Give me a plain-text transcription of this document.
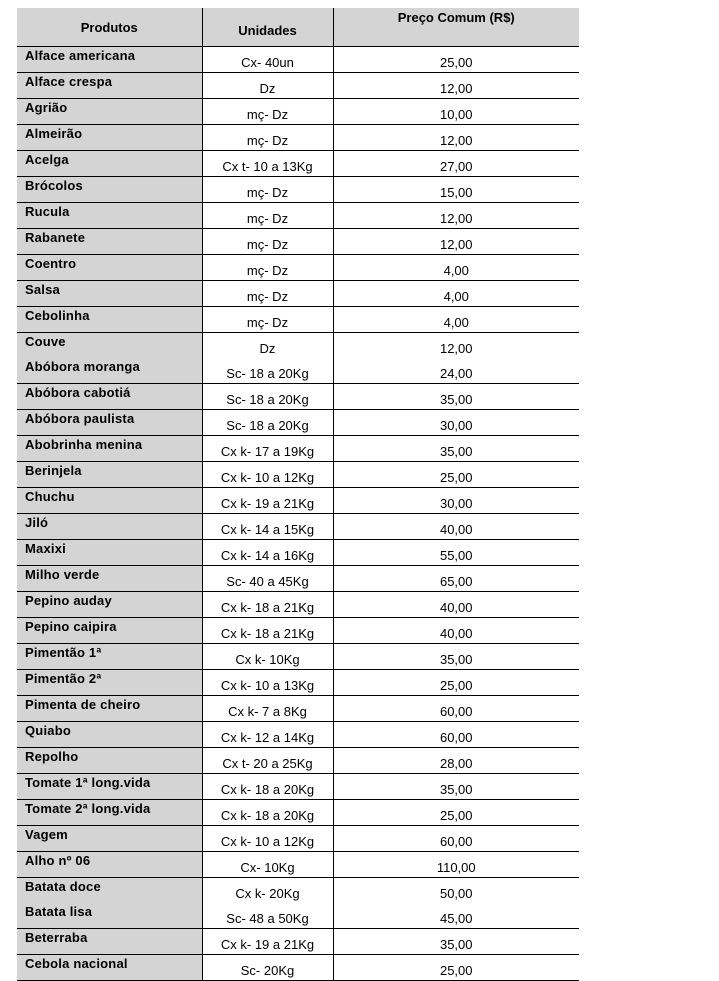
Produtos	Unidades	Preço Comum (R$)
Alface americana	Cx- 40un	25,00
Alface crespa	Dz	12,00
Agrião	mç- Dz	10,00
Almeirão	mç- Dz	12,00
Acelga	Cx t- 10 a 13Kg	27,00
Brócolos	mç- Dz	15,00
Rucula	mç- Dz	12,00
Rabanete	mç- Dz	12,00
Coentro	mç- Dz	4,00
Salsa	mç- Dz	4,00
Cebolinha	mç- Dz	4,00
Couve	Dz	12,00
Abóbora moranga	Sc- 18 a 20Kg	24,00
Abóbora cabotiá	Sc- 18 a 20Kg	35,00
Abóbora paulista	Sc- 18 a 20Kg	30,00
Abobrinha menina	Cx k- 17 a 19Kg	35,00
Berinjela	Cx k- 10 a 12Kg	25,00
Chuchu	Cx k- 19 a 21Kg	30,00
Jiló	Cx k- 14 a 15Kg	40,00
Maxixi	Cx k- 14 a 16Kg	55,00
Milho verde	Sc- 40 a 45Kg	65,00
Pepino auday	Cx k- 18 a 21Kg	40,00
Pepino caipira	Cx k- 18 a 21Kg	40,00
Pimentão 1ª	Cx k- 10Kg	35,00
Pimentão 2ª	Cx k- 10 a 13Kg	25,00
Pimenta de cheiro	Cx k- 7 a 8Kg	60,00
Quiabo	Cx k- 12 a 14Kg	60,00
Repolho	Cx t- 20 a 25Kg	28,00
Tomate 1ª long.vida	Cx k- 18 a 20Kg	35,00
Tomate 2ª long.vida	Cx k- 18 a 20Kg	25,00
Vagem	Cx k- 10 a 12Kg	60,00
Alho nº 06	Cx- 10Kg	110,00
Batata doce	Cx k- 20Kg	50,00
Batata lisa	Sc- 48 a 50Kg	45,00
Beterraba	Cx k- 19 a 21Kg	35,00
Cebola nacional	Sc- 20Kg	25,00
